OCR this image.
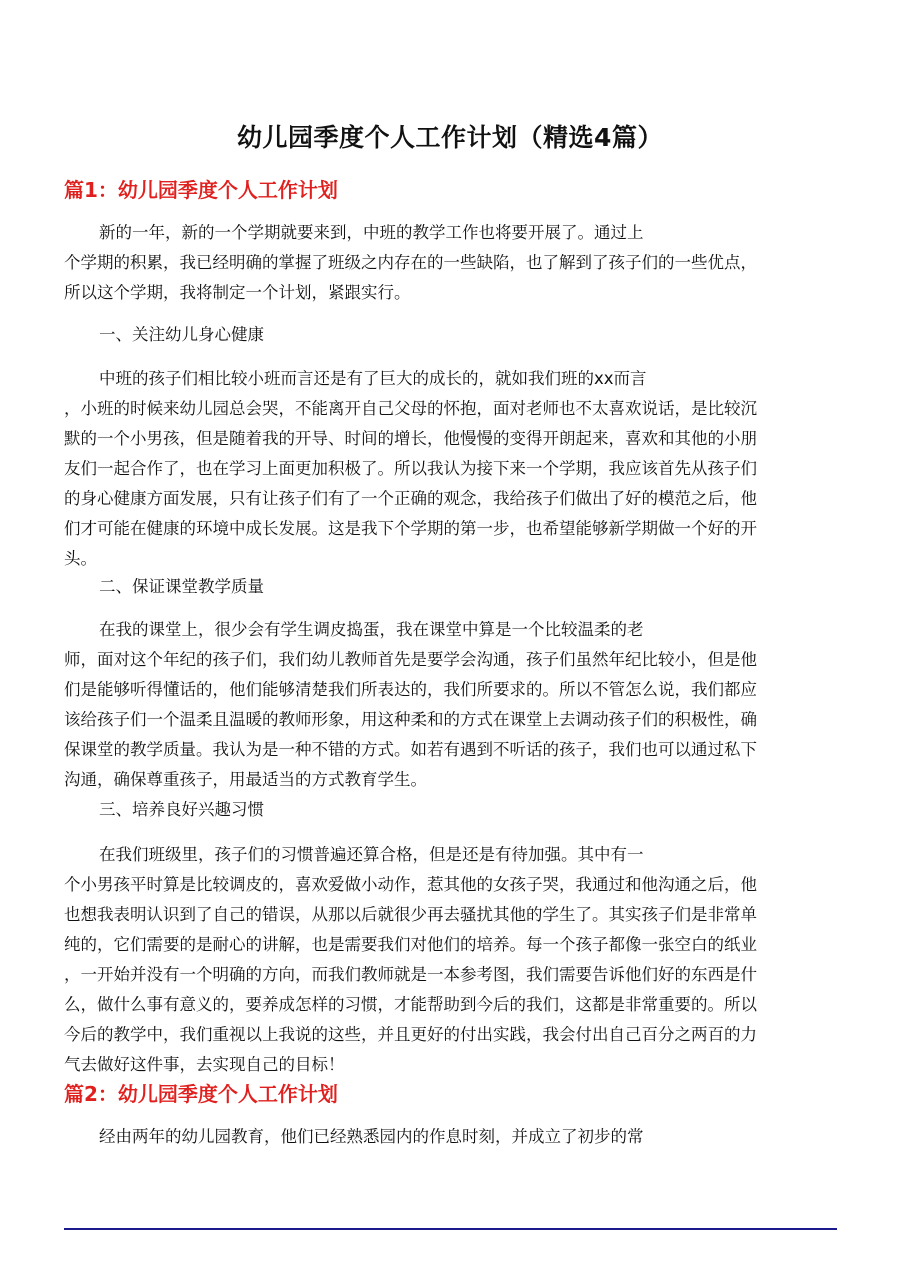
幼儿园季度个人工作计划（精选4篇）
篇1：幼儿园季度个人工作计划
新的一年，新的一个学期就要来到，中班的教学工作也将要开展了。通过上
个学期的积累，我已经明确的掌握了班级之内存在的一些缺陷，也了解到了孩子们的一些优点，
所以这个学期，我将制定一个计划，紧跟实行。
一、关注幼儿身心健康
中班的孩子们相比较小班而言还是有了巨大的成长的，就如我们班的xx而言
，小班的时候来幼儿园总会哭，不能离开自己父母的怀抱，面对老师也不太喜欢说话，是比较沉
默的一个小男孩，但是随着我的开导、时间的增长，他慢慢的变得开朗起来，喜欢和其他的小朋
友们一起合作了，也在学习上面更加积极了。所以我认为接下来一个学期，我应该首先从孩子们
的身心健康方面发展，只有让孩子们有了一个正确的观念，我给孩子们做出了好的模范之后，他
们才可能在健康的环境中成长发展。这是我下个学期的第一步，也希望能够新学期做一个好的开
头。
二、保证课堂教学质量
在我的课堂上，很少会有学生调皮捣蛋，我在课堂中算是一个比较温柔的老
师，面对这个年纪的孩子们，我们幼儿教师首先是要学会沟通，孩子们虽然年纪比较小，但是他
们是能够听得懂话的，他们能够清楚我们所表达的，我们所要求的。所以不管怎么说，我们都应
该给孩子们一个温柔且温暖的教师形象，用这种柔和的方式在课堂上去调动孩子们的积极性，确
保课堂的教学质量。我认为是一种不错的方式。如若有遇到不听话的孩子，我们也可以通过私下
沟通，确保尊重孩子，用最适当的方式教育学生。
三、培养良好兴趣习惯
在我们班级里，孩子们的习惯普遍还算合格，但是还是有待加强。其中有一
个小男孩平时算是比较调皮的，喜欢爱做小动作，惹其他的女孩子哭，我通过和他沟通之后，他
也想我表明认识到了自己的错误，从那以后就很少再去骚扰其他的学生了。其实孩子们是非常单
纯的，它们需要的是耐心的讲解，也是需要我们对他们的培养。每一个孩子都像一张空白的纸业
，一开始并没有一个明确的方向，而我们教师就是一本参考图，我们需要告诉他们好的东西是什
么，做什么事有意义的，要养成怎样的习惯，才能帮助到今后的我们，这都是非常重要的。所以
今后的教学中，我们重视以上我说的这些，并且更好的付出实践，我会付出自己百分之两百的力
气去做好这件事，去实现自己的目标！
篇2：幼儿园季度个人工作计划
经由两年的幼儿园教育，他们已经熟悉园内的作息时刻，并成立了初步的常
